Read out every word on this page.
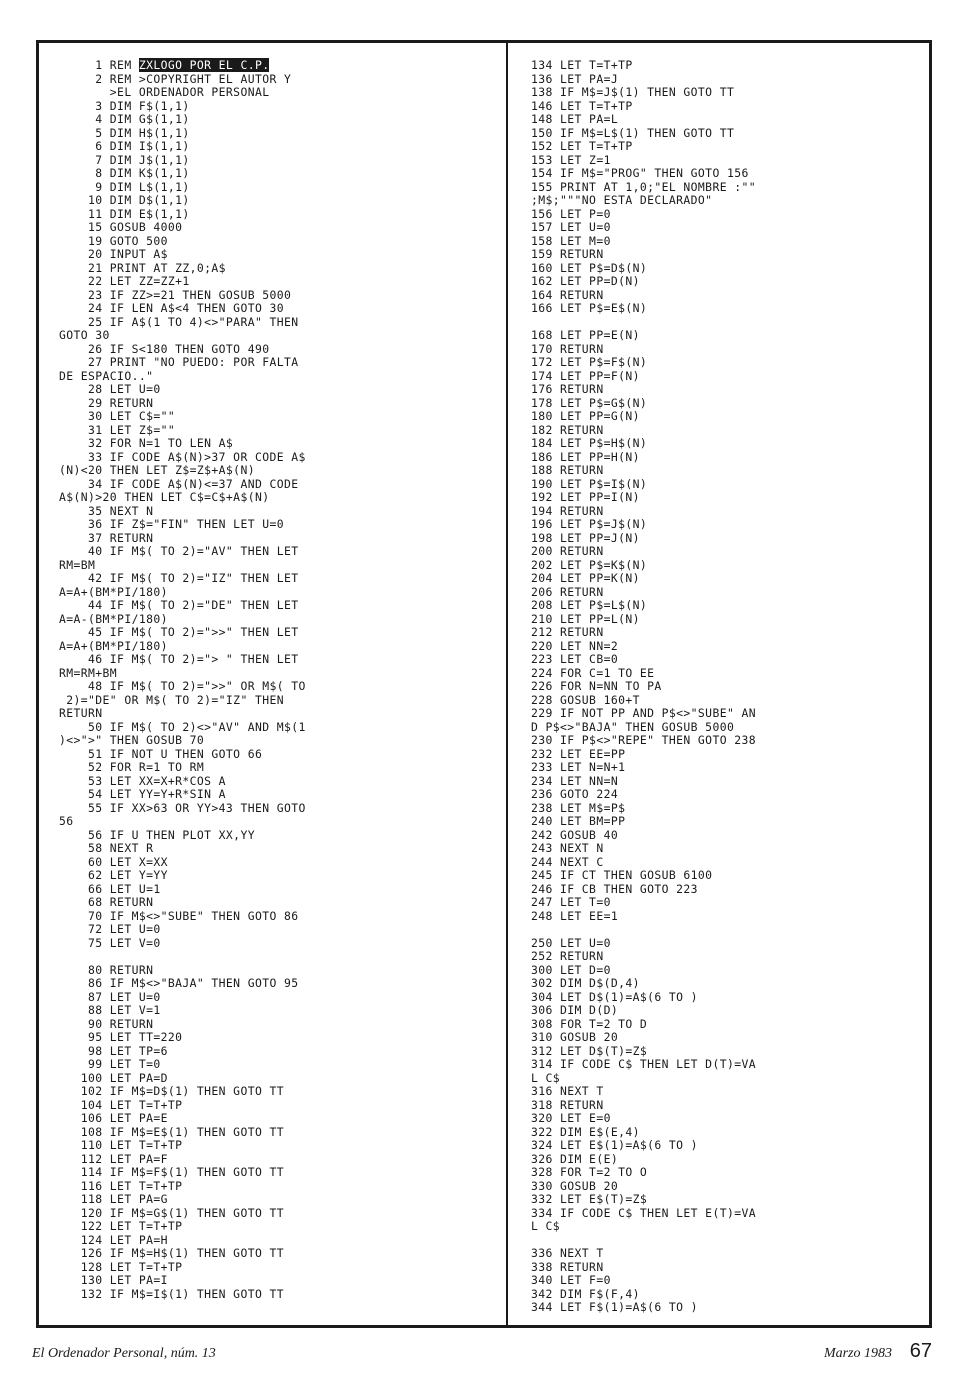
1 REM ZXLOGO POR EL C.P.
2 REM >COPYRIGHT EL AUTOR Y
>EL ORDENADOR PERSONAL
3 DIM F$(1,1)
4 DIM G$(1,1)
5 DIM H$(1,1)
6 DIM I$(1,1)
7 DIM J$(1,1)
8 DIM K$(1,1)
9 DIM L$(1,1)
10 DIM D$(1,1)
11 DIM E$(1,1)
15 GOSUB 4000
19 GOTO 500
20 INPUT A$
21 PRINT AT ZZ,0;A$
22 LET ZZ=ZZ+1
23 IF ZZ>=21 THEN GOSUB 5000
24 IF LEN A$<4 THEN GOTO 30
25 IF A$(1 TO 4)<>"PARA" THEN
GOTO 30
26 IF S<180 THEN GOTO 490
27 PRINT "NO PUEDO: POR FALTA
DE ESPACIO.."
28 LET U=0
29 RETURN
30 LET C$=""
31 LET Z$=""
32 FOR N=1 TO LEN A$
33 IF CODE A$(N)>37 OR CODE A$
(N)<20 THEN LET Z$=Z$+A$(N)
34 IF CODE A$(N)<=37 AND CODE
A$(N)>20 THEN LET C$=C$+A$(N)
35 NEXT N
36 IF Z$="FIN" THEN LET U=0
37 RETURN
40 IF M$( TO 2)="AV" THEN LET
RM=BM
42 IF M$( TO 2)="IZ" THEN LET
A=A+(BM*PI/180)
44 IF M$( TO 2)="DE" THEN LET
A=A-(BM*PI/180)
45 IF M$( TO 2)=">>" THEN LET
A=A+(BM*PI/180)
46 IF M$( TO 2)="> " THEN LET
RM=RM+BM
48 IF M$( TO 2)=">>" OR M$( TO
2)="DE" OR M$( TO 2)="IZ" THEN
RETURN
50 IF M$( TO 2)<>"AV" AND M$(1
)<>">" THEN GOSUB 70
51 IF NOT U THEN GOTO 66
52 FOR R=1 TO RM
53 LET XX=X+R*COS A
54 LET YY=Y+R*SIN A
55 IF XX>63 OR YY>43 THEN GOTO
56
56 IF U THEN PLOT XX,YY
58 NEXT R
60 LET X=XX
62 LET Y=YY
66 LET U=1
68 RETURN
70 IF M$<>"SUBE" THEN GOTO 86
72 LET U=0
75 LET V=0
80 RETURN
86 IF M$<>"BAJA" THEN GOTO 95
87 LET U=0
88 LET V=1
90 RETURN
95 LET TT=220
98 LET TP=6
99 LET T=0
100 LET PA=D
102 IF M$=D$(1) THEN GOTO TT
104 LET T=T+TP
106 LET PA=E
108 IF M$=E$(1) THEN GOTO TT
110 LET T=T+TP
112 LET PA=F
114 IF M$=F$(1) THEN GOTO TT
116 LET T=T+TP
118 LET PA=G
120 IF M$=G$(1) THEN GOTO TT
122 LET T=T+TP
124 LET PA=H
126 IF M$=H$(1) THEN GOTO TT
128 LET T=T+TP
130 LET PA=I
132 IF M$=I$(1) THEN GOTO TT
134 LET T=T+TP
136 LET PA=J
138 IF M$=J$(1) THEN GOTO TT
146 LET T=T+TP
148 LET PA=L
150 IF M$=L$(1) THEN GOTO TT
152 LET T=T+TP
153 LET Z=1
154 IF M$="PROG" THEN GOTO 156
155 PRINT AT 1,0;"EL NOMBRE :""
;M$;"""NO ESTA DECLARADO"
156 LET P=0
157 LET U=0
158 LET M=0
159 RETURN
160 LET P$=D$(N)
162 LET PP=D(N)
164 RETURN
166 LET P$=E$(N)
168 LET PP=E(N)
170 RETURN
172 LET P$=F$(N)
174 LET PP=F(N)
176 RETURN
178 LET P$=G$(N)
180 LET PP=G(N)
182 RETURN
184 LET P$=H$(N)
186 LET PP=H(N)
188 RETURN
190 LET P$=I$(N)
192 LET PP=I(N)
194 RETURN
196 LET P$=J$(N)
198 LET PP=J(N)
200 RETURN
202 LET P$=K$(N)
204 LET PP=K(N)
206 RETURN
208 LET P$=L$(N)
210 LET PP=L(N)
212 RETURN
220 LET NN=2
223 LET CB=0
224 FOR C=1 TO EE
226 FOR N=NN TO PA
228 GOSUB 160+T
229 IF NOT PP AND P$<>"SUBE" AN
D P$<>"BAJA" THEN GOSUB 5000
230 IF P$<>"REPE" THEN GOTO 238
232 LET EE=PP
233 LET N=N+1
234 LET NN=N
236 GOTO 224
238 LET M$=P$
240 LET BM=PP
242 GOSUB 40
243 NEXT N
244 NEXT C
245 IF CT THEN GOSUB 6100
246 IF CB THEN GOTO 223
247 LET T=0
248 LET EE=1
250 LET U=0
252 RETURN
300 LET D=0
302 DIM D$(D,4)
304 LET D$(1)=A$(6 TO )
306 DIM D(D)
308 FOR T=2 TO D
310 GOSUB 20
312 LET D$(T)=Z$
314 IF CODE C$ THEN LET D(T)=VA
L C$
316 NEXT T
318 RETURN
320 LET E=0
322 DIM E$(E,4)
324 LET E$(1)=A$(6 TO )
326 DIM E(E)
328 FOR T=2 TO O
330 GOSUB 20
332 LET E$(T)=Z$
334 IF CODE C$ THEN LET E(T)=VA
L C$
336 NEXT T
338 RETURN
340 LET F=0
342 DIM F$(F,4)
344 LET F$(1)=A$(6 TO )
El Ordenador Personal, núm. 13	Marzo 1983 67
